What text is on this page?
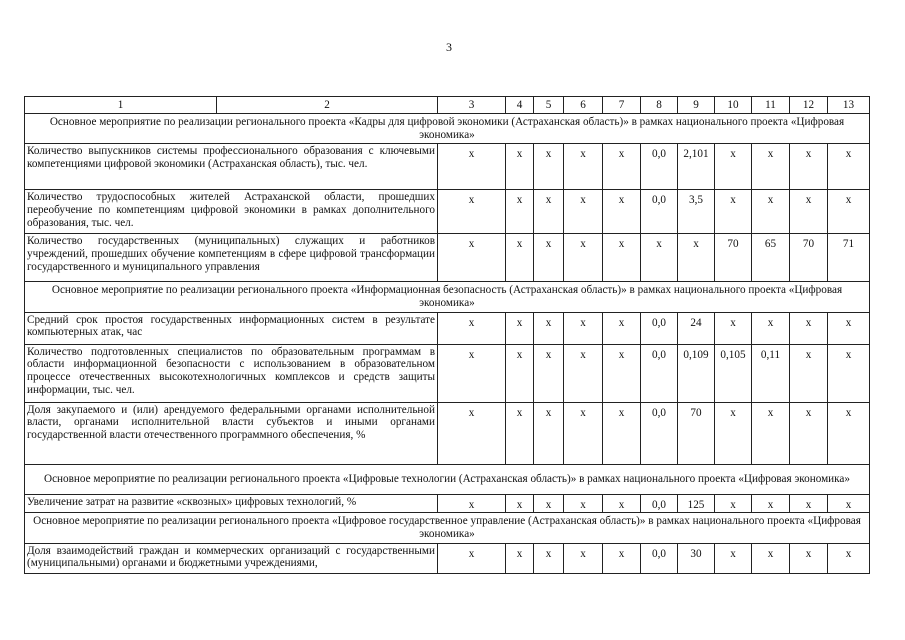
3
1	2	3	4	5	6	7	8	9	10	11	12	13
Основное мероприятие по реализации регионального проекта «Кадры для цифровой экономики (Астраханская область)» в рамках национального проекта «Цифровая экономика»												
Количество выпускников системы профессионального образования с ключевыми компетенциями цифровой экономики (Астраханская область), тыс. чел.		x	x	x	x	x	0,0	2,101	x	x	x	x
Количество трудоспособных жителей Астраханской области, прошедших переобучение по компетенциям цифровой экономики в рамках дополнительного образования, тыс. чел.		x	x	x	x	x	0,0	3,5	x	x	x	x
Количество государственных (муниципальных) служащих и работников учреждений, прошедших обучение компетенциям в сфере цифровой трансформации государственного и муниципального управления		x	x	x	x	x	x	x	70	65	70	71
Основное мероприятие по реализации регионального проекта «Информационная безопасность (Астраханская область)» в рамках национального проекта «Цифровая экономика»												
Средний срок простоя государственных информационных систем в результате компьютерных атак, час		x	x	x	x	x	0,0	24	x	x	x	x
Количество подготовленных специалистов по образовательным программам в области информационной безопасности с использованием в образовательном процессе отечественных высокотехнологичных комплексов и средств защиты информации, тыс. чел.		x	x	x	x	x	0,0	0,109	0,105	0,11	x	x
Доля закупаемого и (или) арендуемого федеральными органами исполнительной власти, органами исполнительной власти субъектов и иными органами государственной власти отечественного программного обеспечения, %		x	x	x	x	x	0,0	70	x	x	x	x
Основное мероприятие по реализации регионального проекта «Цифровые технологии (Астраханская область)» в рамках национального проекта «Цифровая экономика»												
Увеличение затрат на развитие «сквозных» цифровых технологий, %		x	x	x	x	x	0,0	125	x	x	x	x
Основное мероприятие по реализации регионального проекта «Цифровое государственное управление (Астраханская область)» в рамках национального проекта «Цифровая экономика»												
Доля взаимодействий граждан и коммерческих организаций с государственными (муниципальными) органами и бюджетными учреждениями,		x	x	x	x	x	0,0	30	x	x	x	x
